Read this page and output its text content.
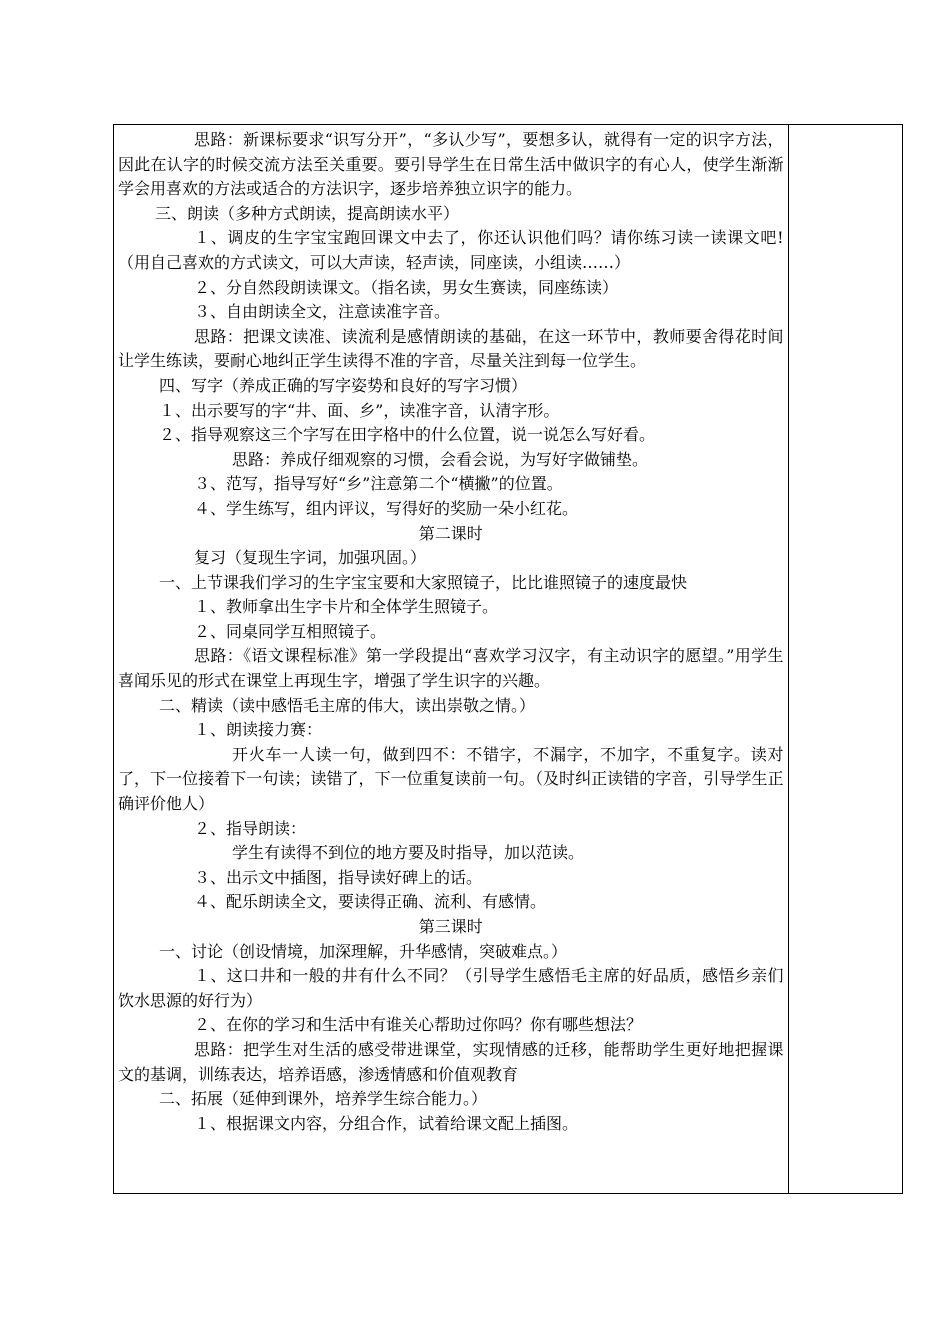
思路：新课标要求“识写分开”，“多认少写”，要想多认，就得有一定的识字方法，因此在认字的时候交流方法至关重要。要引导学生在日常生活中做识字的有心人，使学生渐渐学会用喜欢的方法或适合的方法识字，逐步培养独立识字的能力。

三、朗读（多种方式朗读，提高朗读水平）

１、调皮的生字宝宝跑回课文中去了，你还认识他们吗？请你练习读一读课文吧!（用自己喜欢的方式读文，可以大声读，轻声读，同座读，小组读……）

２、分自然段朗读课文。（指名读，男女生赛读，同座练读）

３、自由朗读全文，注意读准字音。

思路：把课文读准、读流利是感情朗读的基础，在这一环节中，教师要舍得花时间让学生练读，要耐心地纠正学生读得不准的字音，尽量关注到每一位学生。

四、写字（养成正确的写字姿势和良好的写字习惯）

１、出示要写的字“井、面、乡”，读准字音，认清字形。

２、指导观察这三个字写在田字格中的什么位置，说一说怎么写好看。

思路：养成仔细观察的习惯，会看会说，为写好字做铺垫。

３、范写，指导写好“乡”注意第二个“横撇”的位置。

４、学生练写，组内评议，写得好的奖励一朵小红花。

第二课时

复习（复现生字词，加强巩固。）

一、上节课我们学习的生字宝宝要和大家照镜子，比比谁照镜子的速度最快

１、教师拿出生字卡片和全体学生照镜子。

２、同桌同学互相照镜子。

思路：《语文课程标准》第一学段提出“喜欢学习汉字，有主动识字的愿望。”用学生喜闻乐见的形式在课堂上再现生字，增强了学生识字的兴趣。

二、精读（读中感悟毛主席的伟大，读出崇敬之情。）

１、朗读接力赛：

开火车一人读一句，做到四不：不错字，不漏字，不加字，不重复字。读对了，下一位接着下一句读；读错了，下一位重复读前一句。（及时纠正读错的字音，引导学生正确评价他人）

２、指导朗读：

学生有读得不到位的地方要及时指导，加以范读。

３、出示文中插图，指导读好碑上的话。

４、配乐朗读全文，要读得正确、流利、有感情。

第三课时

一、讨论（创设情境，加深理解，升华感情，突破难点。）

１、这口井和一般的井有什么不同？（引导学生感悟毛主席的好品质，感悟乡亲们饮水思源的好行为）

２、在你的学习和生活中有谁关心帮助过你吗？你有哪些想法？

思路：把学生对生活的感受带进课堂，实现情感的迁移，能帮助学生更好地把握课文的基调，训练表达，培养语感，渗透情感和价值观教育

二、拓展（延伸到课外，培养学生综合能力。）

１、根据课文内容，分组合作，试着给课文配上插图。
